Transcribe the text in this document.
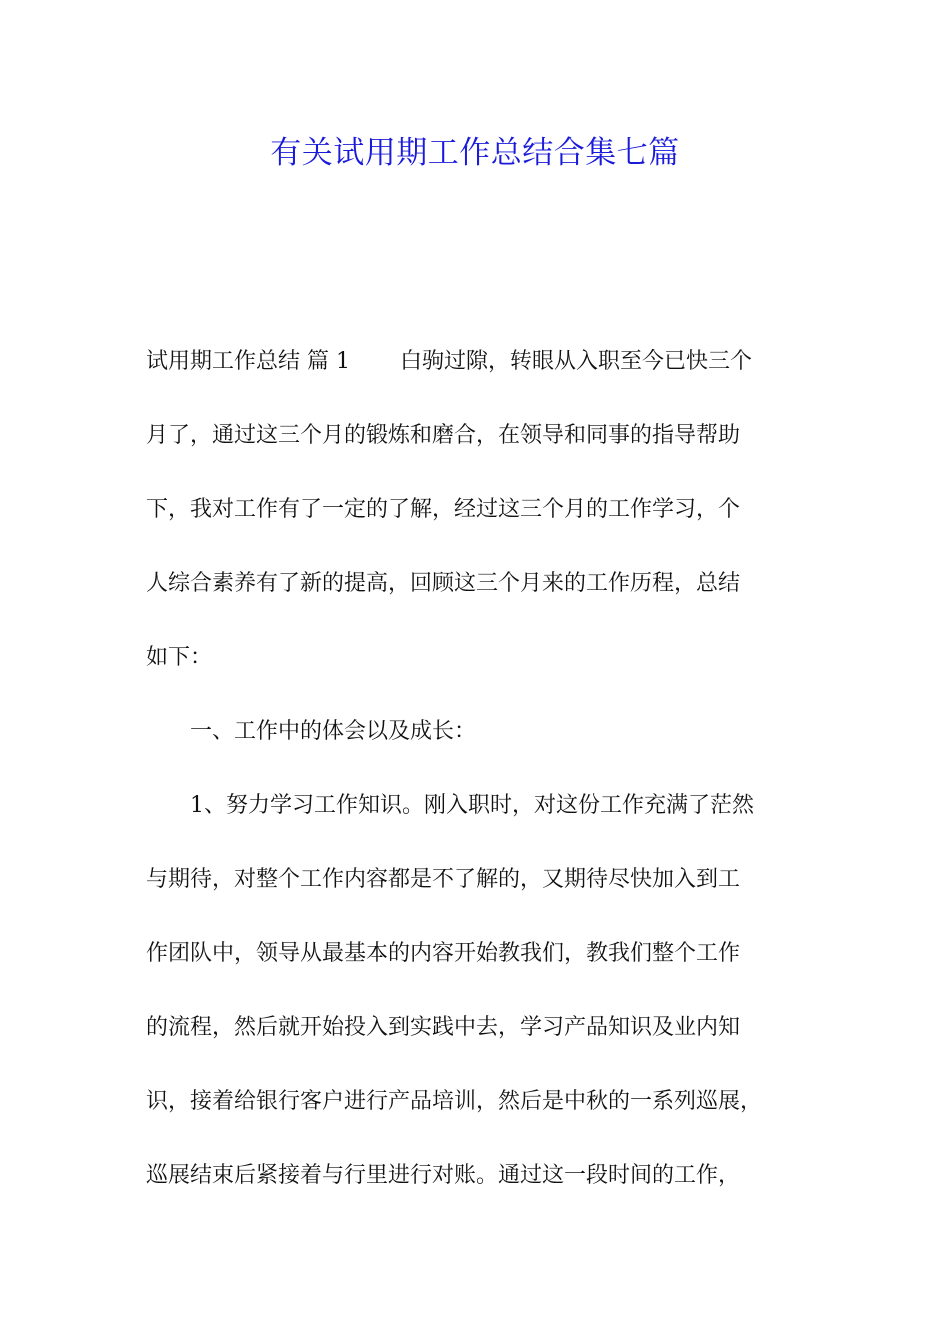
有关试用期工作总结合集七篇

试用期工作总结 篇 1 白驹过隙，转眼从入职至今已快三个

月了，通过这三个月的锻炼和磨合，在领导和同事的指导帮助

下，我对工作有了一定的了解，经过这三个月的工作学习，个

人综合素养有了新的提高，回顾这三个月来的工作历程，总结

如下：

一、工作中的体会以及成长：

1、努力学习工作知识。刚入职时，对这份工作充满了茫然

与期待，对整个工作内容都是不了解的，又期待尽快加入到工

作团队中，领导从最基本的内容开始教我们，教我们整个工作

的流程，然后就开始投入到实践中去，学习产品知识及业内知

识，接着给银行客户进行产品培训，然后是中秋的一系列巡展，

巡展结束后紧接着与行里进行对账。通过这一段时间的工作，
